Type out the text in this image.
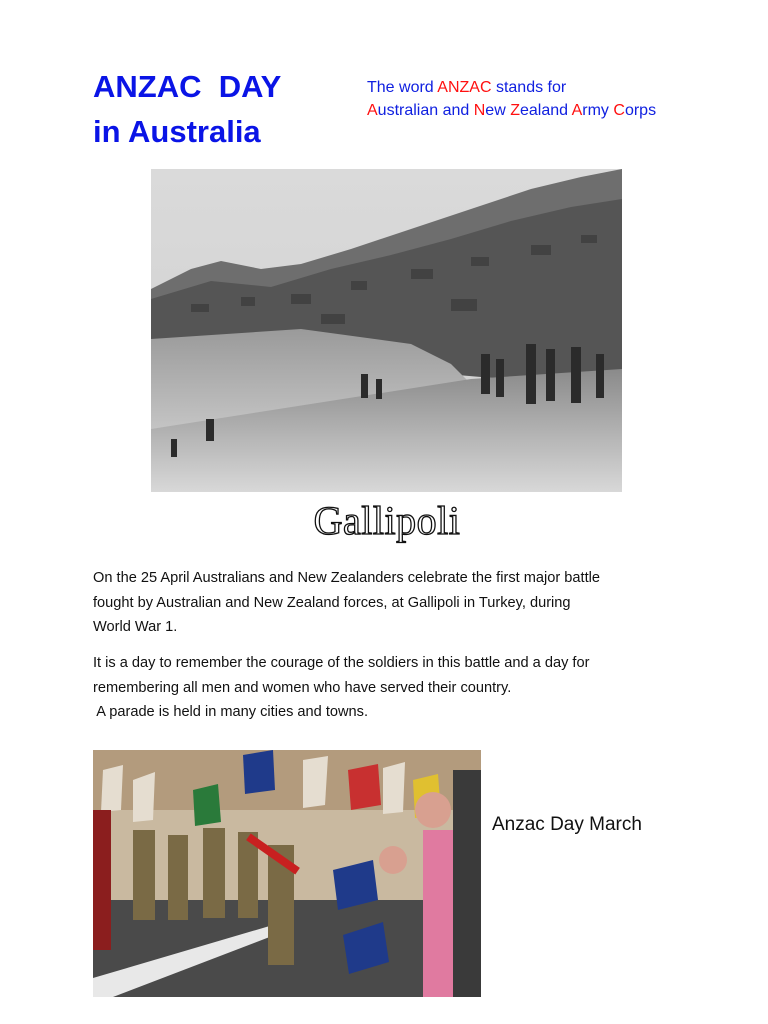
ANZAC  DAY
in Australia
The word ANZAC stands for
Australian and New Zealand Army Corps
Gallipoli
On the 25 April Australians and New Zealanders celebrate the first major battle
fought by Australian and New Zealand forces, at Gallipoli in Turkey, during
World War 1.
It is a day to remember the courage of the soldiers in this battle and a day for
remembering all men and women who have served their country.
A parade is held in many cities and towns.
Anzac Day March
